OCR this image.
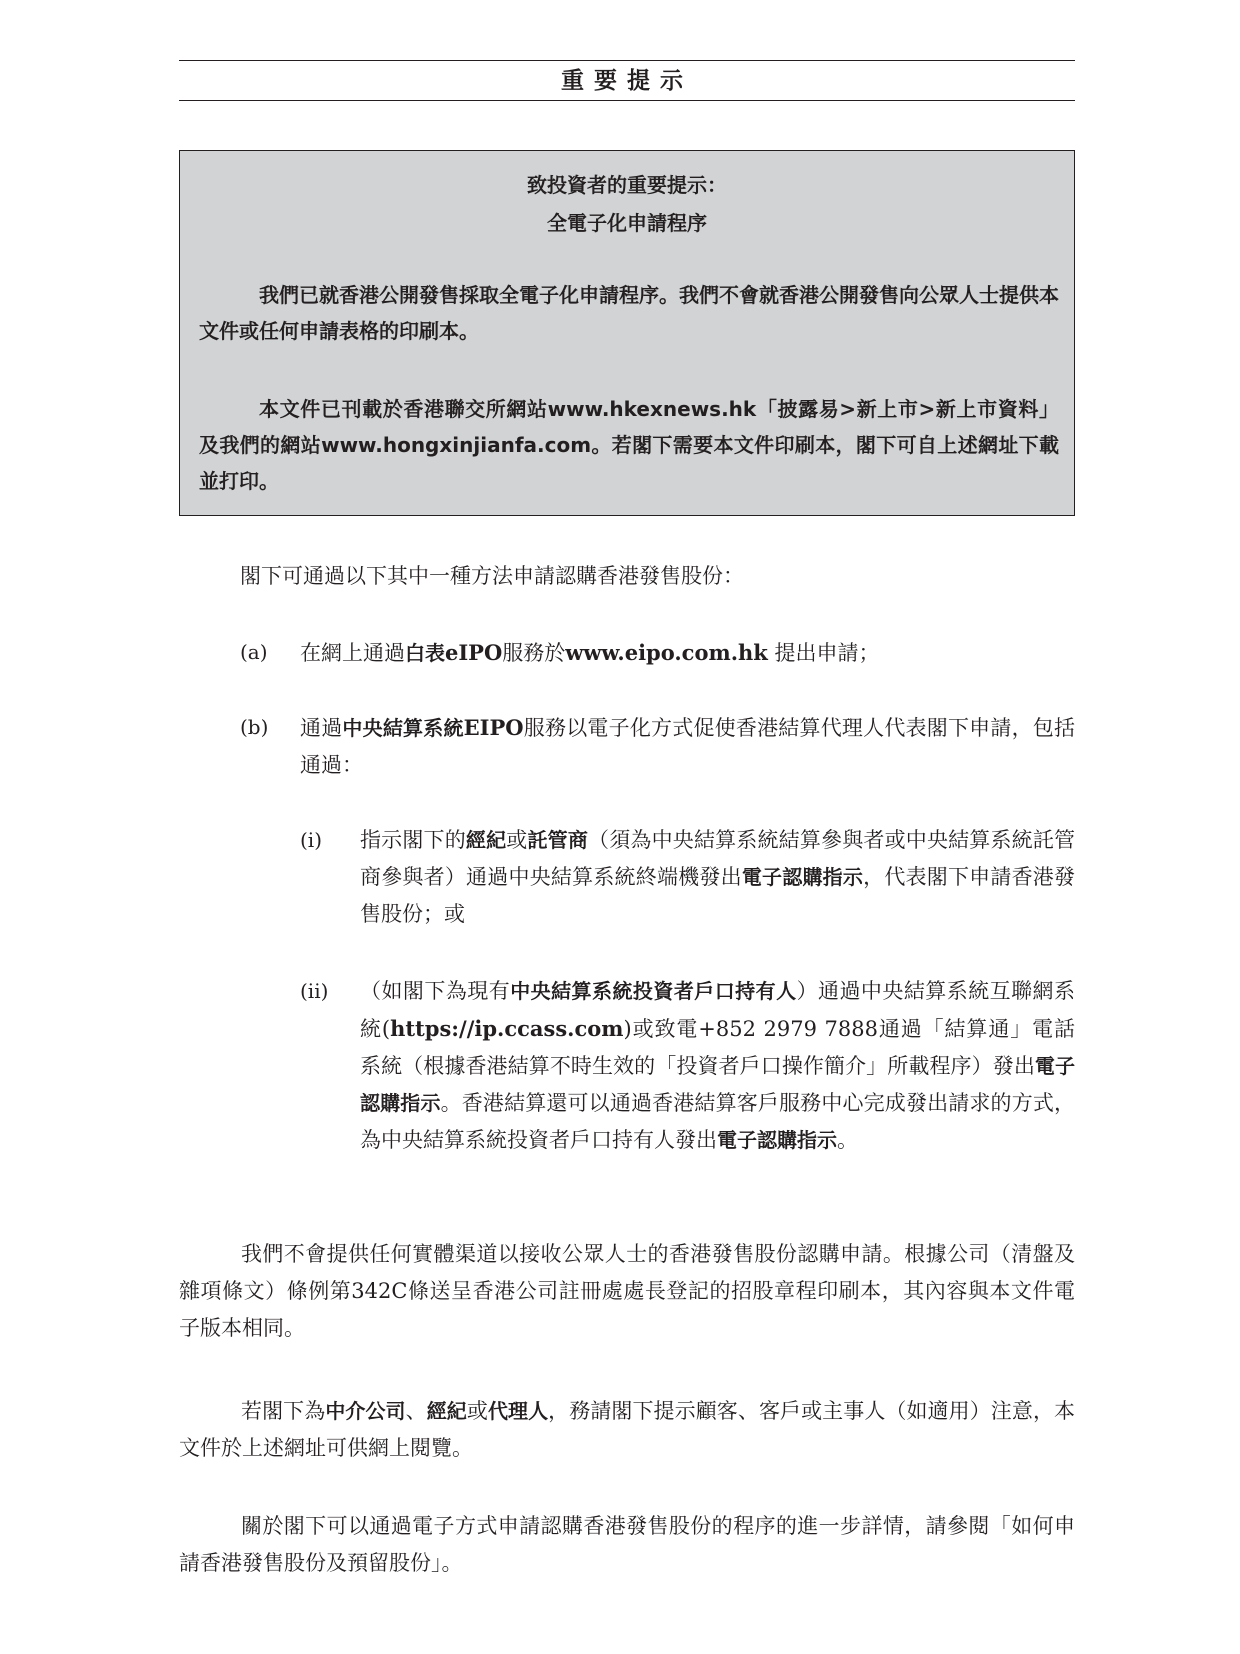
重要提示
致投資者的重要提示：
全電子化申請程序
我們已就香港公開發售採取全電子化申請程序。我們不會就香港公開發售向公眾人士提供本文件或任何申請表格的印刷本。
本文件已刊載於香港聯交所網站www.hkexnews.hk「披露易>新上市>新上市資料」及我們的網站www.hongxinjianfa.com。若閣下需要本文件印刷本，閣下可自上述網址下載並打印。
閣下可通過以下其中一種方法申請認購香港發售股份：
(a) 在網上通過白表eIPO服務於www.eipo.com.hk 提出申請；
(b) 通過中央結算系統EIPO服務以電子化方式促使香港結算代理人代表閣下申請，包括通過：
(i) 指示閣下的經紀或託管商（須為中央結算系統結算參與者或中央結算系統託管商參與者）通過中央結算系統終端機發出電子認購指示，代表閣下申請香港發售股份；或
(ii) （如閣下為現有中央結算系統投資者戶口持有人）通過中央結算系統互聯網系統(https://ip.ccass.com)或致電+852 2979 7888通過「結算通」電話系統（根據香港結算不時生效的「投資者戶口操作簡介」所載程序）發出電子認購指示。香港結算還可以通過香港結算客戶服務中心完成發出請求的方式，為中央結算系統投資者戶口持有人發出電子認購指示。
我們不會提供任何實體渠道以接收公眾人士的香港發售股份認購申請。根據公司（清盤及雜項條文）條例第342C條送呈香港公司註冊處處長登記的招股章程印刷本，其內容與本文件電子版本相同。
若閣下為中介公司、經紀或代理人，務請閣下提示顧客、客戶或主事人（如適用）注意，本文件於上述網址可供網上閱覽。
關於閣下可以通過電子方式申請認購香港發售股份的程序的進一步詳情，請參閱「如何申請香港發售股份及預留股份」。
